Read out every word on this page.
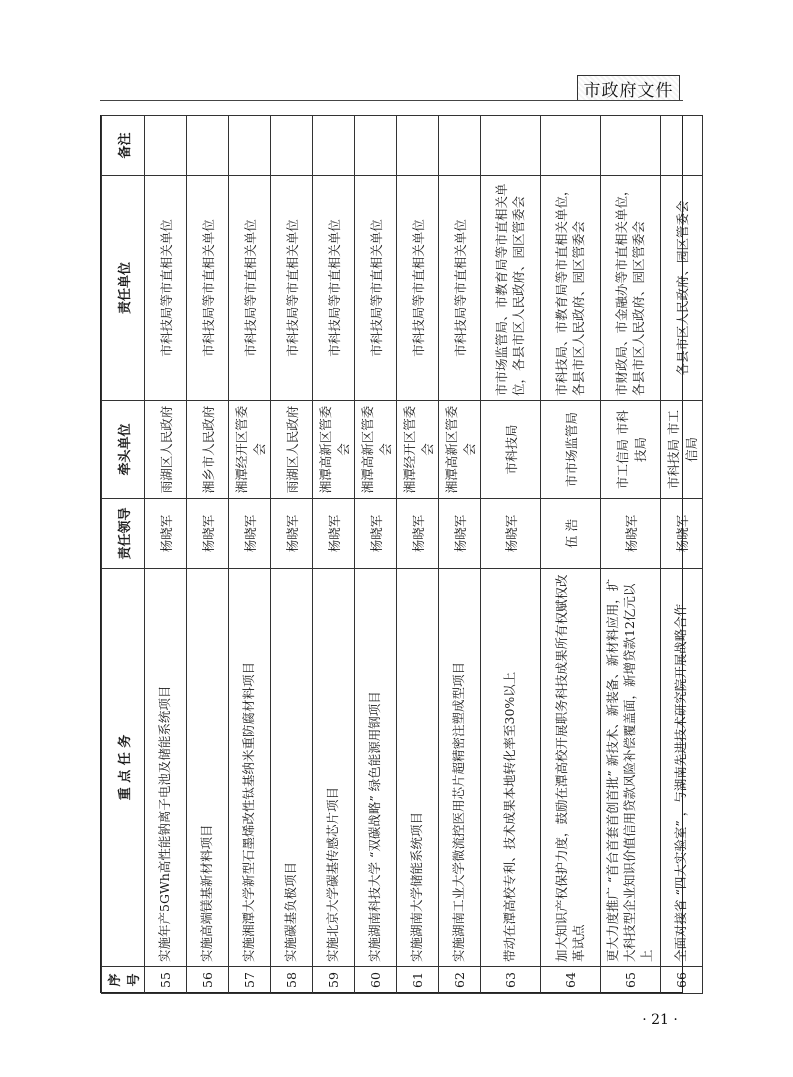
市政府文件
序号	重 点 任 务	责任领导	牵头单位	责任单位	备注
55	实施年产5GWh高性能钠离子电池及储能系统项目	杨晓军	雨湖区人民政府	市科技局等市直相关单位	
56	实施高端镁基新材料项目	杨晓军	湘乡市人民政府	市科技局等市直相关单位	
57	实施湘潭大学新型石墨烯改性钛基纳米重防腐材料项目	杨晓军	湘潭经开区管委会	市科技局等市直相关单位	
58	实施碳基负极项目	杨晓军	雨湖区人民政府	市科技局等市直相关单位	
59	实施北京大学碳基传感芯片项目	杨晓军	湘潭高新区管委会	市科技局等市直相关单位	
60	实施湖南科技大学 “双碳战略” 绿色能源用钢项目	杨晓军	湘潭高新区管委会	市科技局等市直相关单位	
61	实施湖南大学储能系统项目	杨晓军	湘潭经开区管委会	市科技局等市直相关单位	
62	实施湖南工业大学微流控医用芯片超精密注塑成型项目	杨晓军	湘潭高新区管委会	市科技局等市直相关单位	
63	带动在潭高校专利、技术成果本地转化率至30%以上	杨晓军	市科技局	市市场监管局、市教育局等市直相关单位，各县市区人民政府、园区管委会	
64	加大知识产权保护力度，鼓励在潭高校开展职务科技成果所有权赋权改革试点	伍 浩	市市场监管局	市科技局、市教育局等市直相关单位，各县市区人民政府、园区管委会	
65	更大力度推广 “首台首套首创首批” 新技术、新装备、新材料应用，扩大科技型企业知识价值信用贷款风险补偿覆盖面，新增贷款12亿元以上	杨晓军	市工信局 市科技局	市财政局、市金融办等市直相关单位，各县市区人民政府、园区管委会	
66	全面对接省 “四大实验室” ，与湖南先进技术研究院开展战略合作	杨晓军	市科技局 市工信局	各县市区人民政府、园区管委会	
· 21 ·
